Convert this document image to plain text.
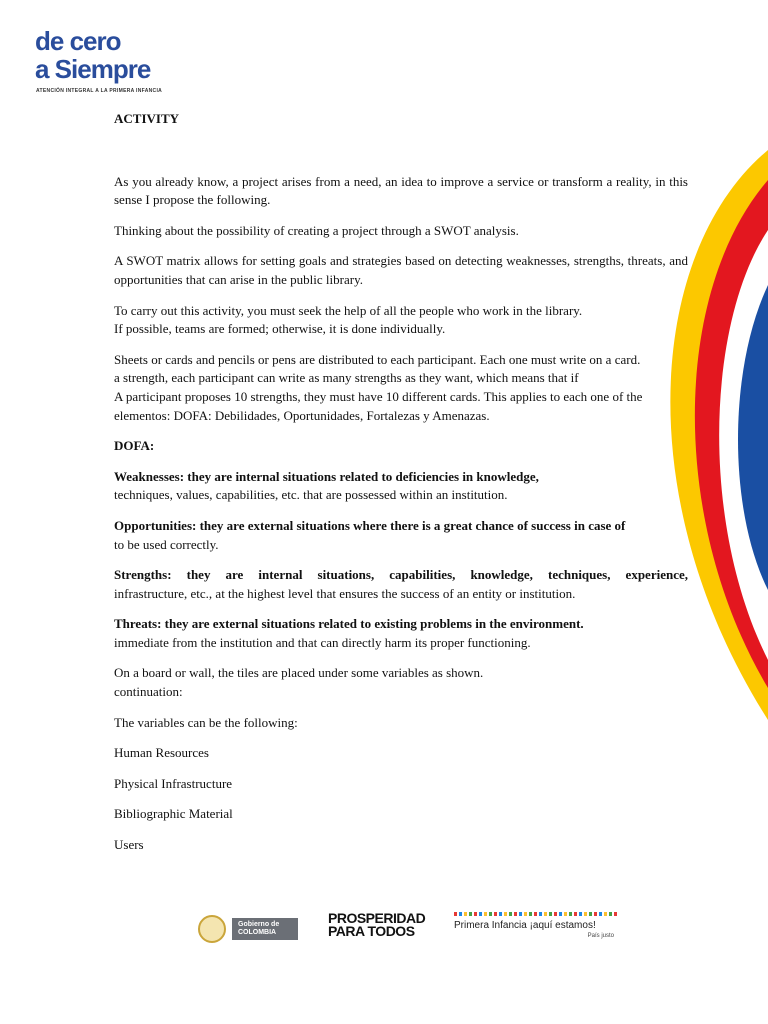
de cero
a Siempre
ATENCIÓN INTEGRAL A LA PRIMERA INFANCIA

ACTIVITY

As you already know, a project arises from a need, an idea to improve a service or transform a reality, in this sense I propose the following.

Thinking about the possibility of creating a project through a SWOT analysis.

A SWOT matrix allows for setting goals and strategies based on detecting weaknesses, strengths, threats, and opportunities that can arise in the public library.

To carry out this activity, you must seek the help of all the people who work in the library.

If possible, teams are formed; otherwise, it is done individually.

Sheets or cards and pencils or pens are distributed to each participant. Each one must write on a card.

a strength, each participant can write as many strengths as they want, which means that if

A participant proposes 10 strengths, they must have 10 different cards. This applies to each one of the elementos: DOFA: Debilidades, Oportunidades, Fortalezas y Amenazas.

DOFA:

Weaknesses: they are internal situations related to deficiencies in knowledge,

techniques, values, capabilities, etc. that are possessed within an institution.

Opportunities: they are external situations where there is a great chance of success in case of

to be used correctly.

Strengths: they are internal situations, capabilities, knowledge, techniques, experience,

infrastructure, etc., at the highest level that ensures the success of an entity or institution.

Threats: they are external situations related to existing problems in the environment.

immediate from the institution and that can directly harm its proper functioning.

On a board or wall, the tiles are placed under some variables as shown.

continuation:

The variables can be the following:

Human Resources

Physical Infrastructure

Bibliographic Material

Users

Gobierno de COLOMBIA
PROSPERIDAD PARA TODOS	Primera Infancia ¡aquí estamos!
País justo
